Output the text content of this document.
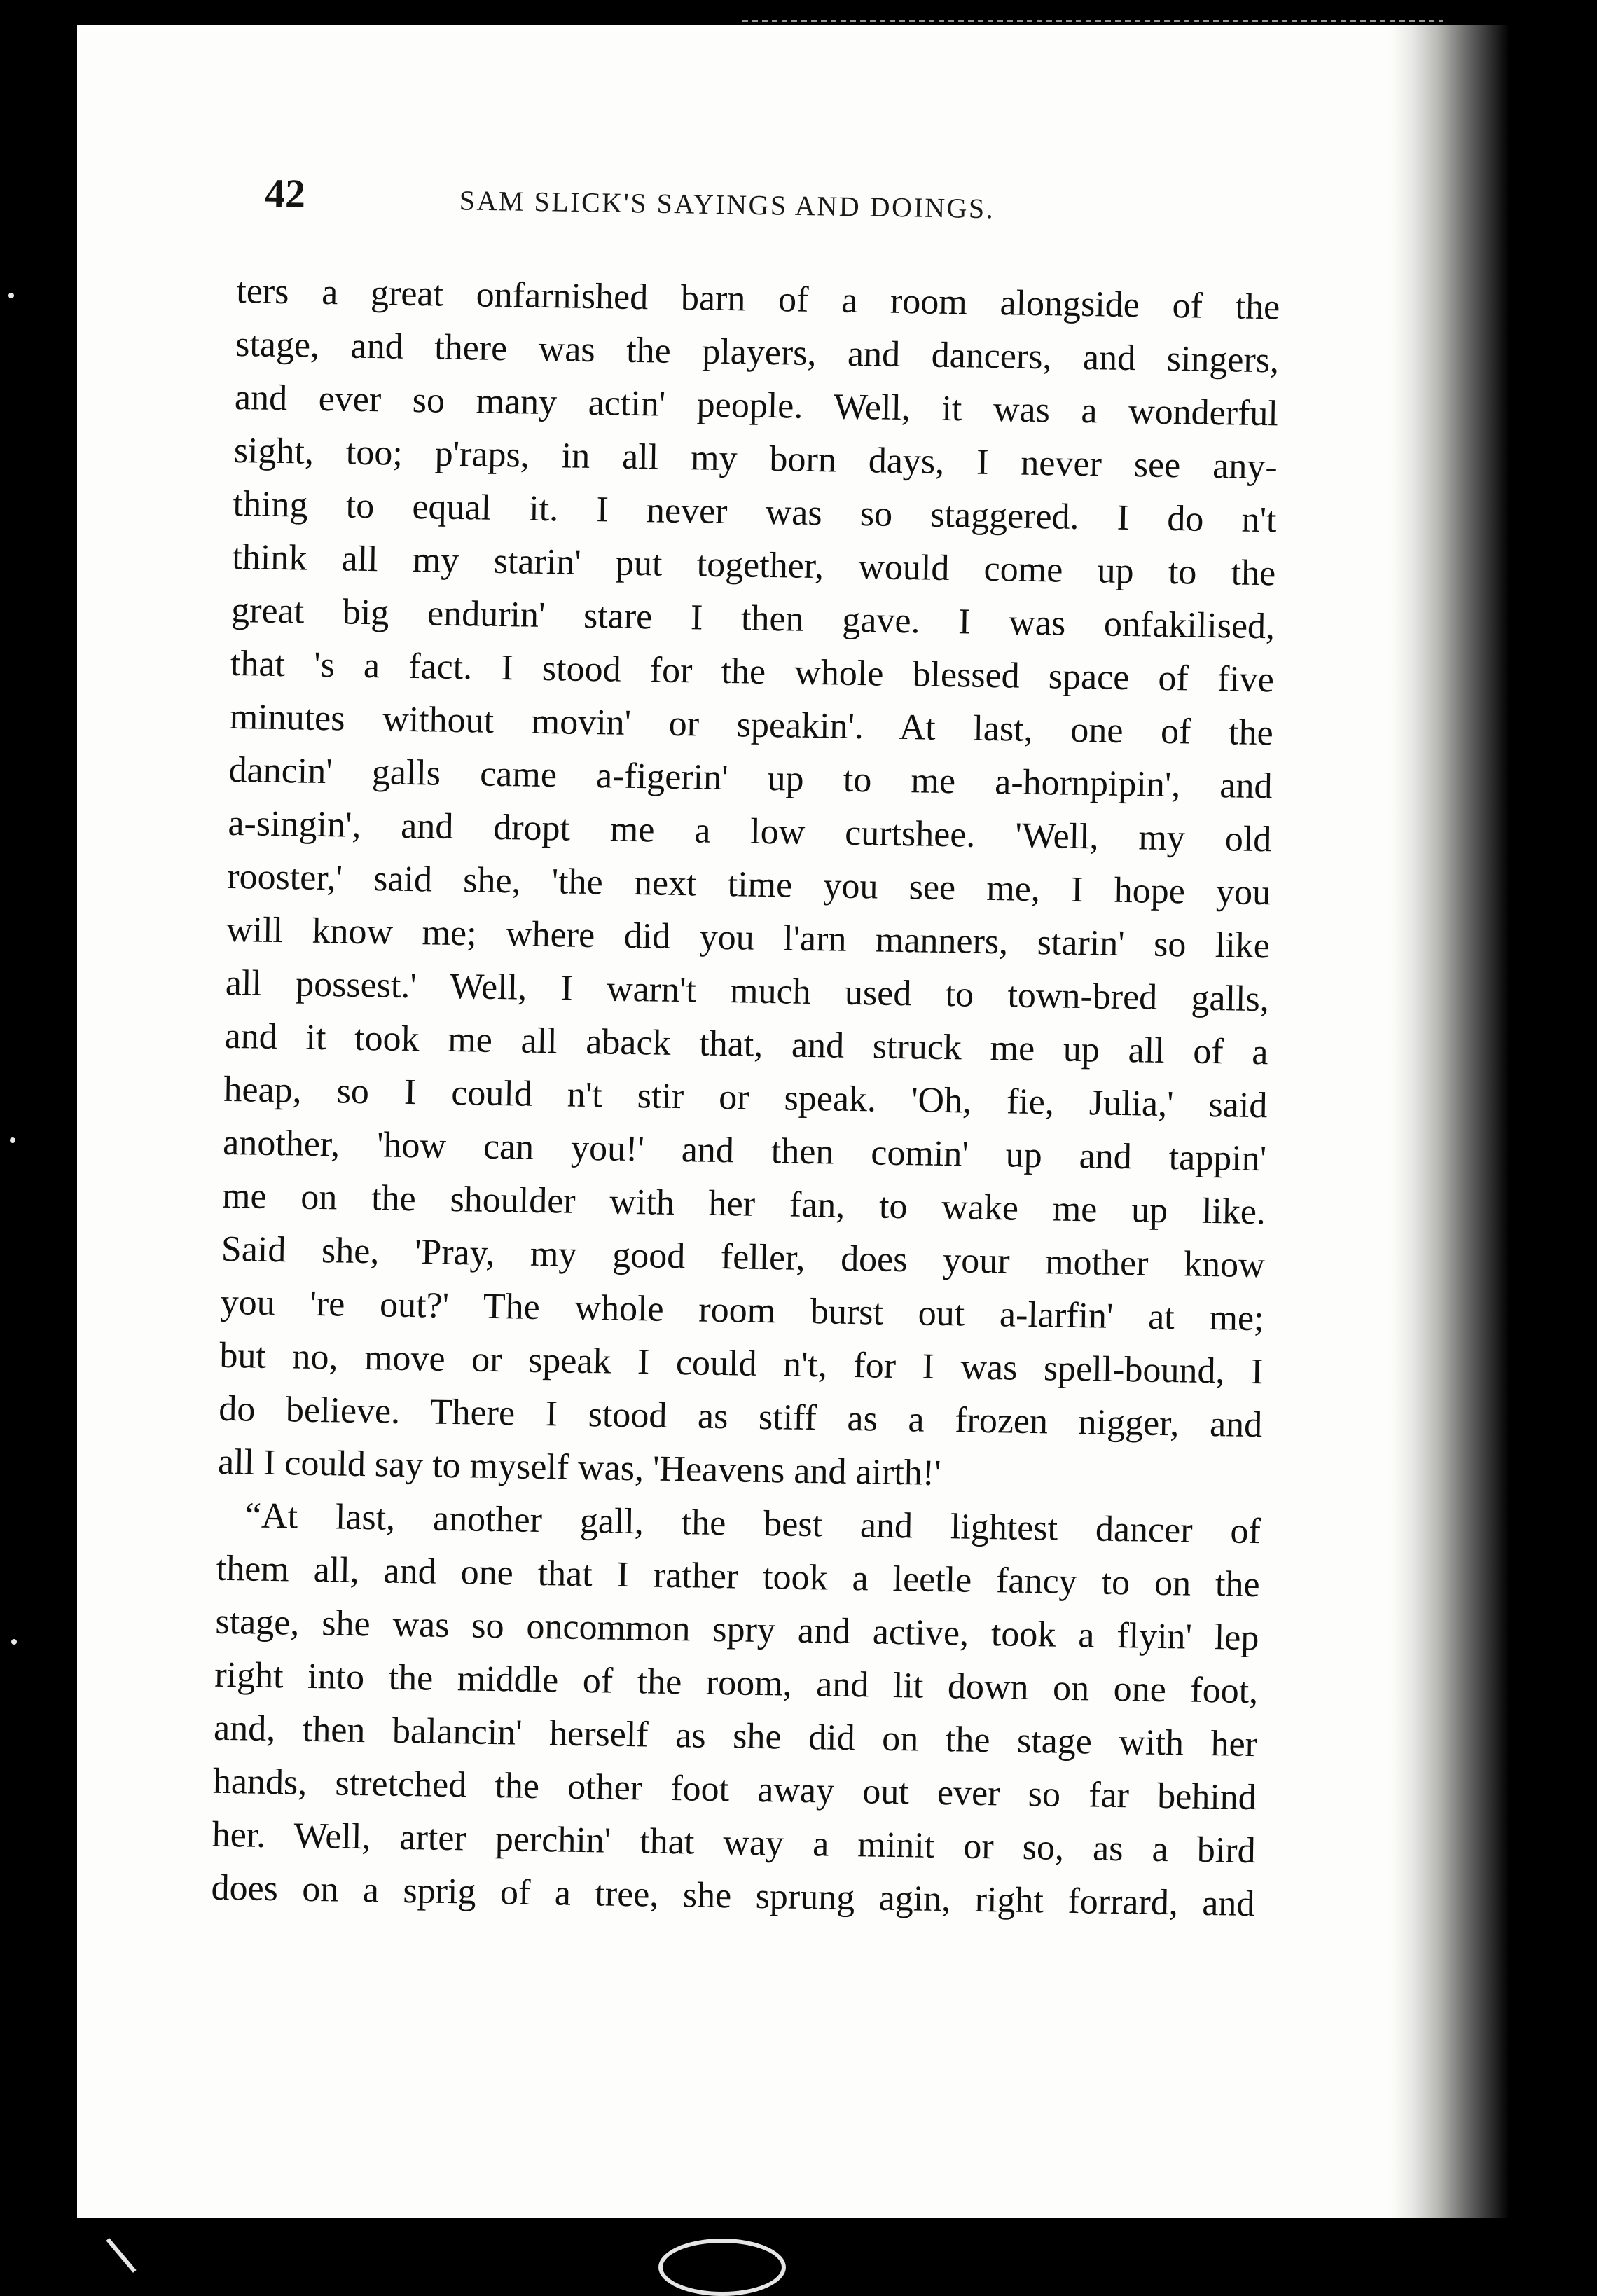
42	SAM SLICK'S SAYINGS AND DOINGS.
ters a great onfarnished barn of a room alongside of the
stage, and there was the players, and dancers, and singers,
and ever so many actin' people. Well, it was a wonderful
sight, too; p'raps, in all my born days, I never see any-
thing to equal it. I never was so staggered. I do n't
think all my starin' put together, would come up to the
great big endurin' stare I then gave. I was onfakilised,
that 's a fact. I stood for the whole blessed space of five
minutes without movin' or speakin'. At last, one of the
dancin' galls came a-figerin' up to me a-hornpipin', and
a-singin', and dropt me a low curtshee. 'Well, my old
rooster,' said she, 'the next time you see me, I hope you
will know me; where did you l'arn manners, starin' so like
all possest.' Well, I warn't much used to town-bred galls,
and it took me all aback that, and struck me up all of a
heap, so I could n't stir or speak. 'Oh, fie, Julia,' said
another, 'how can you!' and then comin' up and tappin'
me on the shoulder with her fan, to wake me up like.
Said she, 'Pray, my good feller, does your mother know
you 're out?' The whole room burst out a-larfin' at me;
but no, move or speak I could n't, for I was spell-bound, I
do believe. There I stood as stiff as a frozen nigger, and
all I could say to myself was, 'Heavens and airth!'
“At last, another gall, the best and lightest dancer of
them all, and one that I rather took a leetle fancy to on the
stage, she was so oncommon spry and active, took a flyin' lep
right into the middle of the room, and lit down on one foot,
and, then balancin' herself as she did on the stage with her
hands, stretched the other foot away out ever so far behind
her. Well, arter perchin' that way a minit or so, as a bird
does on a sprig of a tree, she sprung agin, right forrard, and
